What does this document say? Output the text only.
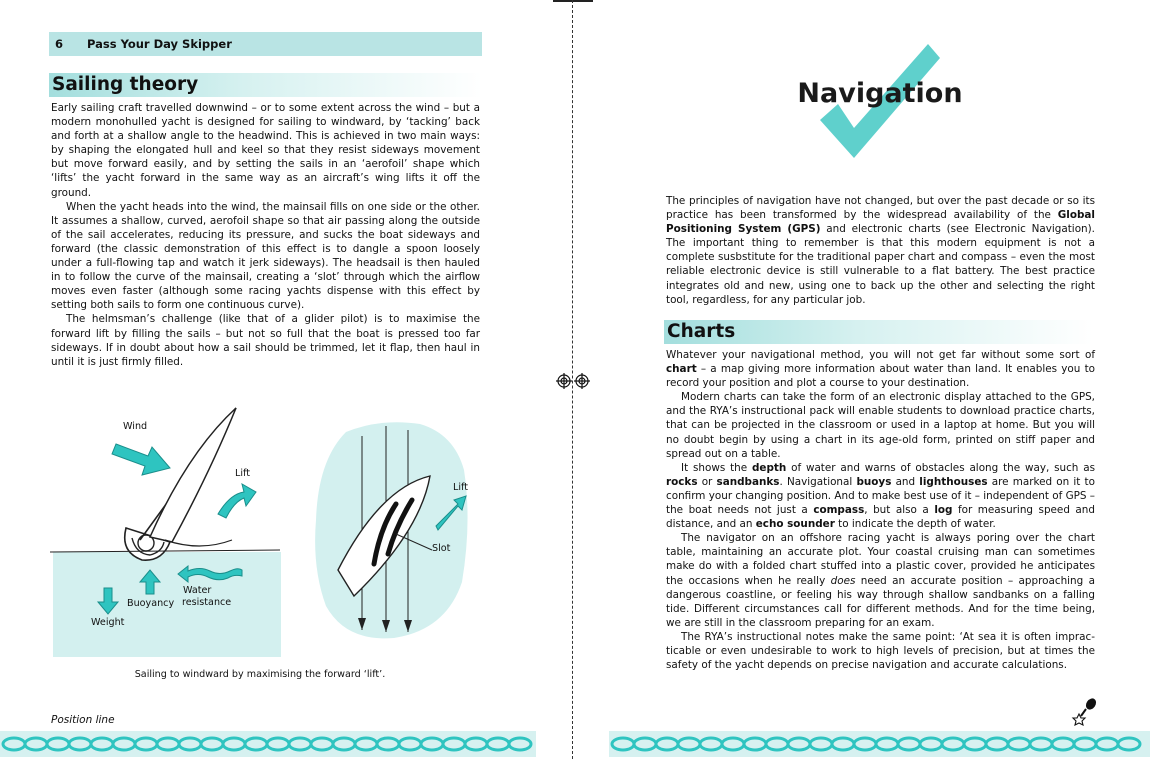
6 Pass Your Day Skipper
Sailing theory

Early sailing craft travelled downwind – or to some extent across the wind – but a modern monohulled yacht is designed for sailing to windward, by ‘tacking’ back and forth at a shallow angle to the headwind. This is achieved in two main ways: by shaping the elongated hull and keel so that they resist sideways movement but move forward easily, and by setting the sails in an ‘aerofoil’ shape which ‘lifts’ the yacht forward in the same way as an aircraft’s wing lifts it off the ground.

When the yacht heads into the wind, the mainsail fills on one side or the other. It assumes a shallow, curved, aerofoil shape so that air passing along the outside of the sail accelerates, reducing its pressure, and sucks the boat sideways and forward (the classic demonstration of this effect is to dangle a spoon loosely under a full-flowing tap and watch it jerk sideways). The headsail is then hauled in to follow the curve of the mainsail, creating a ‘slot’ through which the airflow moves even faster (although some racing yachts dispense with this effect by setting both sails to form one continuous curve).

The helmsman’s challenge (like that of a glider pilot) is to maximise the forward lift by filling the sails – but not so full that the boat is pressed too far sideways. If in doubt about how a sail should be trimmed, let it flap, then haul in until it is just firmly filled.

Wind
Lift
Water
resistance
Buoyancy
Weight
Lift
Slot
Sailing to windward by maximising the forward ‘lift’.
Position line
Navigation

The principles of navigation have not changed, but over the past decade or so its practice has been transformed by the widespread availability of the Global Positioning System (GPS) and electronic charts (see Electronic Navigation). The important thing to remember is that this modern equipment is not a complete susbstitute for the traditional paper chart and compass – even the most reliable electronic device is still vulnerable to a flat battery. The best practice integrates old and new, using one to back up the other and selecting the right tool, regardless, for any particular job.

Charts

Whatever your navigational method, you will not get far without some sort of chart – a map giving more information about water than land. It enables you to record your position and plot a course to your destination.

Modern charts can take the form of an electronic display attached to the GPS, and the RYA’s instructional pack will enable students to download practice charts, that can be projected in the classroom or used in a laptop at home. But you will no doubt begin by using a chart in its age-old form, printed on stiff paper and spread out on a table.

It shows the depth of water and warns of obstacles along the way, such as rocks or sandbanks. Navigational buoys and lighthouses are marked on it to confirm your changing position. And to make best use of it – independent of GPS – the boat needs not just a compass, but also a log for measuring speed and distance, and an echo sounder to indicate the depth of water.

The navigator on an offshore racing yacht is always poring over the chart table, maintaining an accurate plot. Your coastal cruising man can sometimes make do with a folded chart stuffed into a plastic cover, provided he anticipates the occasions when he really does need an accurate position – approaching a dangerous coastline, or feeling his way through shallow sandbanks on a falling tide. Different circumstances call for different methods. And for the time being, we are still in the classroom preparing for an exam.

The RYA’s instructional notes make the same point: ‘At sea it is often impracticable or even undesirable to work to high levels of precision, but at times the safety of the yacht depends on precise navigation and accurate calculations.
